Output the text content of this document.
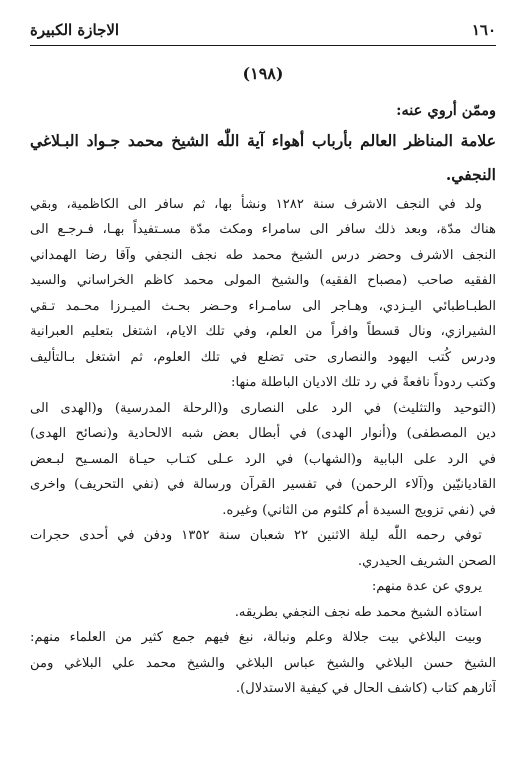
١٦٠
الاجازة الكبيرة
(١٩٨)
وممّن أروي عنه:
علامة المناظر العالم بأرباب أهواء آية اللّٰه الشيخ محمد جـواد البـلاغي
النجفي.
ولد في النجف الاشرف سنة ١٢٨٢ ونشأ بها، ثم سافر الى الكاظمية، وبقي
هناك مدّة، وبعد ذلك سافر الى سامراء ومكث مدّة مسـتفيداً بهـا، فـرجـع الى
النجف الاشرف وحضر درس الشيخ محمد طه نجف النجفي وآقا رضا الهمداني
الفقيه صاحب (مصباح الفقيه) والشيخ المولى محمد كاظم الخراساني والسيد
الطبـاطبائي اليـزدي، وهـاجر الى سامـراء وحـضر بحـث الميـرزا محـمد تـقي
الشيرازي، ونال قسطاً وافراً من العلم، وفي تلك الايام، اشتغل بتعليم العبرانية
ودرس كُتب اليهود والنصارى حتى تضلع في تلك العلوم، ثم اشتغل بـالتأليف
وكتب ردوداً نافعةً في رد تلك الاديان الباطلة منها:
(التوحيد والتثليث) في الرد على النصارى و(الرحلة المدرسية) و(الهدى الى
دين المصطفى) و(أنوار الهدى) في أبطال بعض شبه الالحادية و(نصائح الهدى)
في الرد على البابية و(الشهاب) في الرد عـلى كتـاب حيـاة المسـيح لبـعض
القاديانيّين و(آلاء الرحمن) في تفسير القرآن ورسالة في (نفي التحريف) واخرى
في (نفي تزويج السيدة أم كلثوم من الثاني) وغيره.
توفي رحمه اللّٰه لیلة الاثنین ٢٢ شعبان سنة ١٣٥٢ ودفن في أحدى حجرات
الصحن الشريف الحيدري.
يروي عن عدة منهم:
استاذه الشيخ محمد طه نجف النجفي بطريقه.
وبيت البلاغي بيت جلالة وعلم ونبالة، نبغ فيهم جمع كثير من العلماء منهم:
الشيخ حسن البلاغي والشيخ عباس البلاغي والشيخ محمد علي البلاغي ومن
آثارهم كتاب (كاشف الحال في كيفية الاستدلال).
